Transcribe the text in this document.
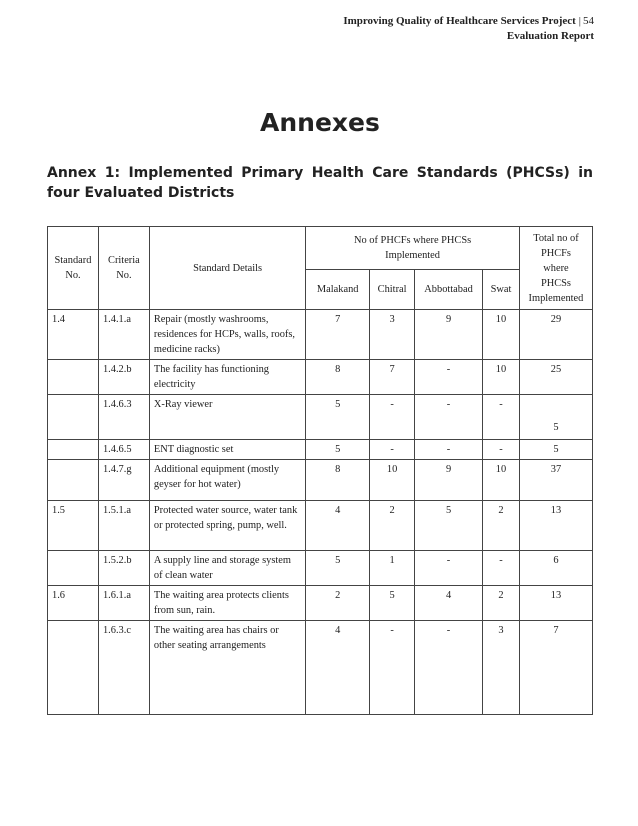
Improving Quality of Healthcare Services Project | 54
Evaluation Report
Annexes
Annex 1: Implemented Primary Health Care Standards (PHCSs) in four Evaluated Districts
Standard No.	Criteria No.	Standard Details	No of PHCFs where PHCSs Implemented				Total no of PHCFs where PHCSs Implemented
			Malakand	Chitral	Abbottabad	Swat	
1.4	1.4.1.a	Repair (mostly washrooms, residences for HCPs, walls, roofs, medicine racks)	7	3	9	10	29
	1.4.2.b	The facility has functioning electricity	8	7	-	10	25
	1.4.6.3	X-Ray viewer	5	-	-	-	5
	1.4.6.5	ENT diagnostic set	5	-	-	-	5
	1.4.7.g	Additional equipment (mostly geyser for hot water)	8	10	9	10	37
1.5	1.5.1.a	Protected water source, water tank or protected spring, pump, well.	4	2	5	2	13
	1.5.2.b	A supply line and storage system of clean water	5	1	-	-	6
1.6	1.6.1.a	The waiting area protects clients from sun, rain.	2	5	4	2	13
	1.6.3.c	The waiting area has chairs or other seating arrangements	4	-	-	3	7
